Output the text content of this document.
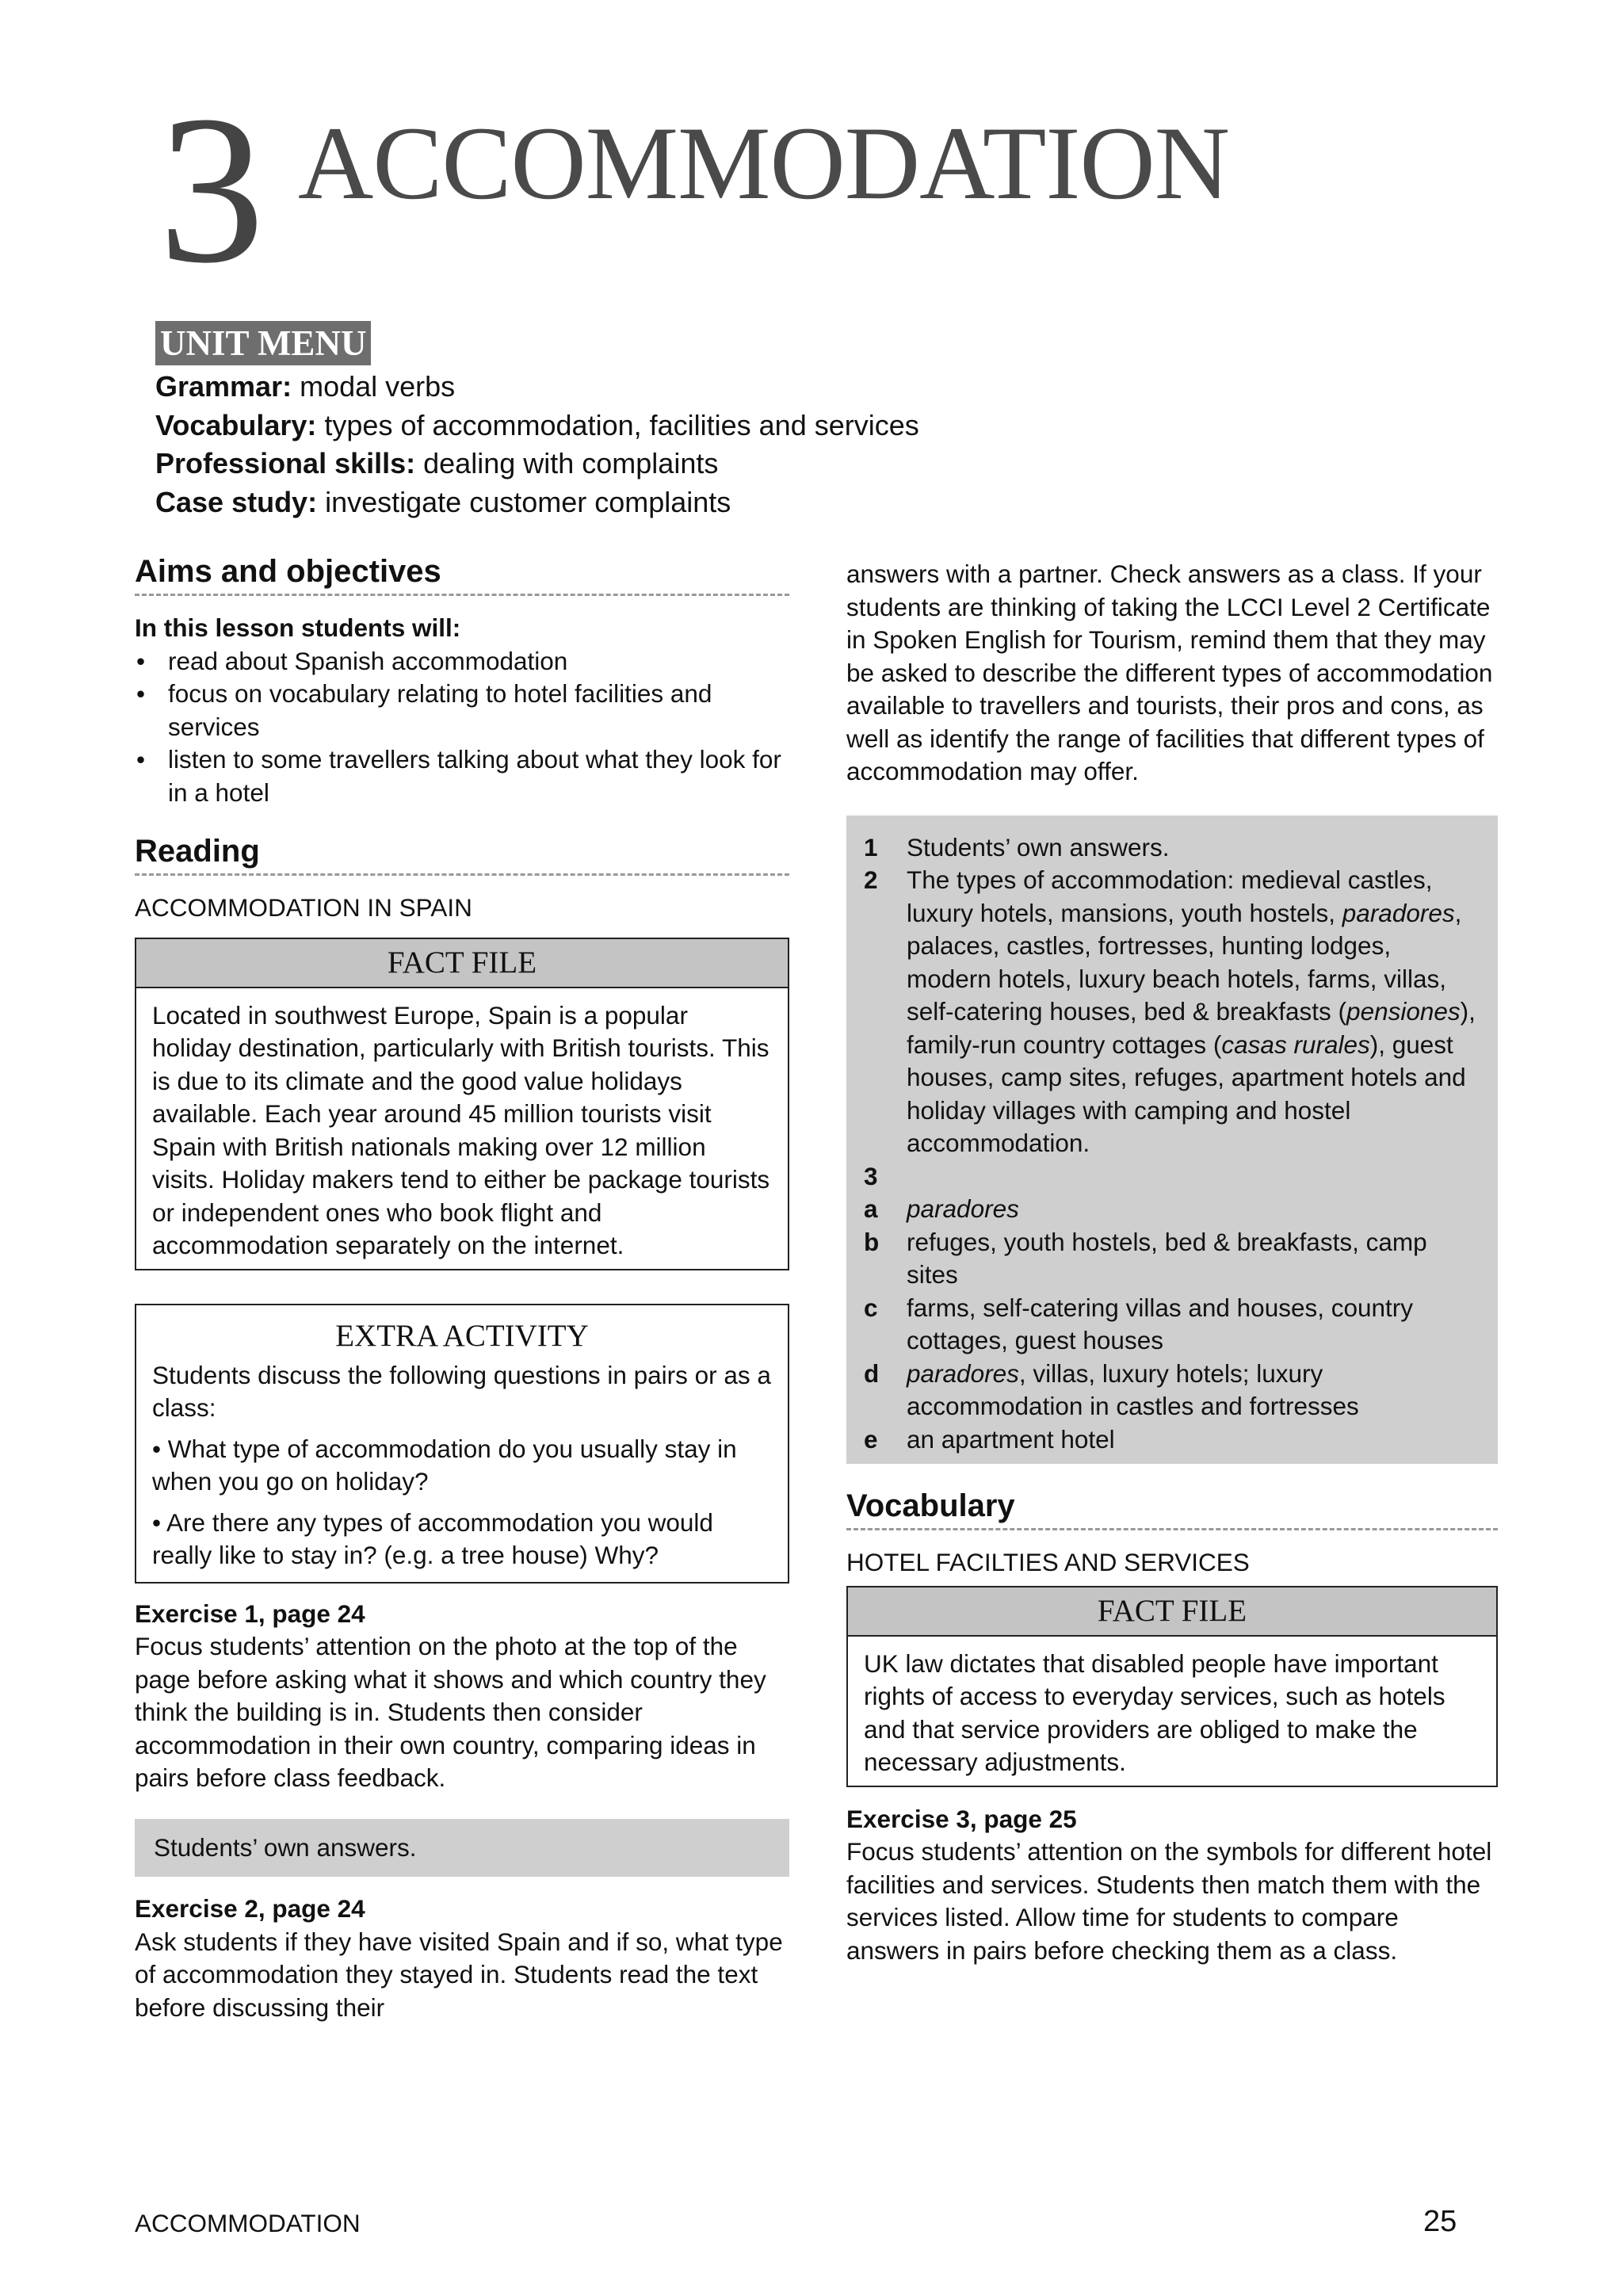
3 ACCOMMODATION
UNIT MENU
Grammar: modal verbs
Vocabulary: types of accommodation, facilities and services
Professional skills: dealing with complaints
Case study: investigate customer complaints
Aims and objectives

In this lesson students will:

• read about Spanish accommodation
• focus on vocabulary relating to hotel facilities and services
• listen to some travellers talking about what they look for in a hotel
Reading

ACCOMMODATION IN SPAIN

FACT FILE

Located in southwest Europe, Spain is a popular holiday destination, particularly with British tourists. This is due to its climate and the good value holidays available. Each year around 45 million tourists visit Spain with British nationals making over 12 million visits. Holiday makers tend to either be package tourists or independent ones who book flight and accommodation separately on the internet.

EXTRA ACTIVITY

Students discuss the following questions in pairs or as a class:

• What type of accommodation do you usually stay in when you go on holiday?

• Are there any types of accommodation you would really like to stay in? (e.g. a tree house) Why?

Exercise 1, page 24

Focus students’ attention on the photo at the top of the page before asking what it shows and which country they think the building is in. Students then consider accommodation in their own country, comparing ideas in pairs before class feedback.

Students’ own answers.

Exercise 2, page 24

Ask students if they have visited Spain and if so, what type of accommodation they stayed in. Students read the text before discussing their

answers with a partner. Check answers as a class. If your students are thinking of taking the LCCI Level 2 Certificate in Spoken English for Tourism, remind them that they may be asked to describe the different types of accommodation available to travellers and tourists, their pros and cons, as well as identify the range of facilities that different types of accommodation may offer.

1	Students’ own answers.
2	The types of accommodation: medieval castles, luxury hotels, mansions, youth hostels, paradores, palaces, castles, fortresses, hunting lodges, modern hotels, luxury beach hotels, farms, villas, self-catering houses, bed & breakfasts (pensiones), family-run country cottages (casas rurales), guest houses, camp sites, refuges, apartment hotels and holiday villages with camping and hostel accommodation.
3
a	paradores
b	refuges, youth hostels, bed & breakfasts, camp sites
c	farms, self-catering villas and houses, country cottages, guest houses
d	paradores, villas, luxury hotels; luxury accommodation in castles and fortresses
e	an apartment hotel
Vocabulary

HOTEL FACILTIES AND SERVICES

FACT FILE

UK law dictates that disabled people have important rights of access to everyday services, such as hotels and that service providers are obliged to make the necessary adjustments.

Exercise 3, page 25

Focus students’ attention on the symbols for different hotel facilities and services. Students then match them with the services listed. Allow time for students to compare answers in pairs before checking them as a class.

ACCOMMODATION	25
